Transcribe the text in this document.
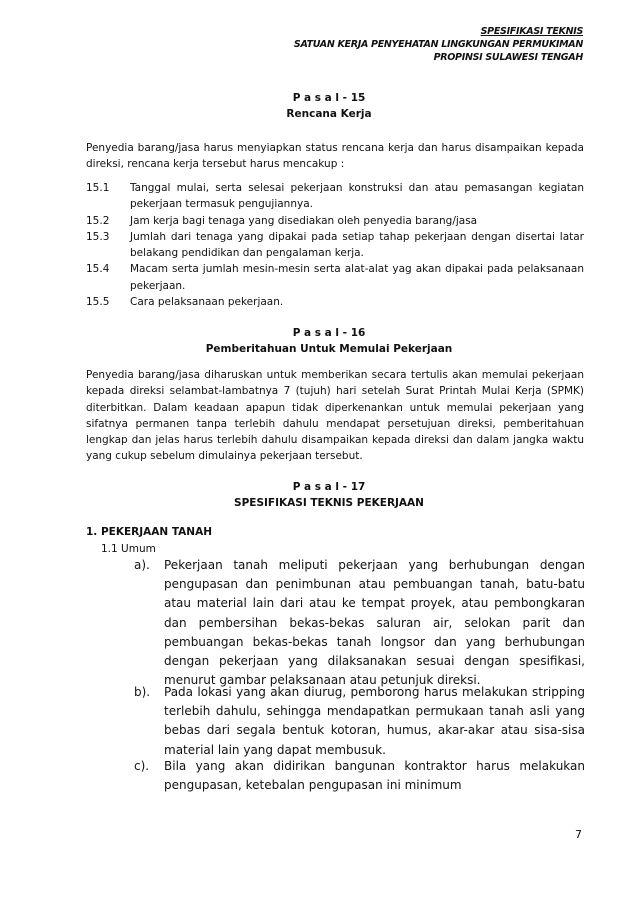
SPESIFIKASI TEKNIS
SATUAN KERJA PENYEHATAN LINGKUNGAN PERMUKIMAN
PROPINSI SULAWESI TENGAH
P a s a l - 15
Rencana Kerja
Penyedia barang/jasa harus menyiapkan status rencana kerja dan harus disampaikan kepada direksi, rencana kerja tersebut harus mencakup :
15.1 Tanggal mulai, serta selesai pekerjaan konstruksi dan atau pemasangan kegiatan pekerjaan termasuk pengujiannya.
15.2 Jam kerja bagi tenaga yang disediakan oleh penyedia barang/jasa
15.3 Jumlah dari tenaga yang dipakai pada setiap tahap pekerjaan dengan disertai latar belakang pendidikan dan pengalaman kerja.
15.4 Macam serta jumlah mesin-mesin serta alat-alat yag akan dipakai pada pelaksanaan pekerjaan.
15.5 Cara pelaksanaan pekerjaan.
P a s a l - 16
Pemberitahuan Untuk Memulai Pekerjaan
Penyedia barang/jasa diharuskan untuk memberikan secara tertulis akan memulai pekerjaan kepada direksi selambat-lambatnya 7 (tujuh) hari setelah Surat Printah Mulai Kerja (SPMK) diterbitkan. Dalam keadaan apapun tidak diperkenankan untuk memulai pekerjaan yang sifatnya permanen tanpa terlebih dahulu mendapat persetujuan direksi, pemberitahuan lengkap dan jelas harus terlebih dahulu disampaikan kepada direksi dan dalam jangka waktu yang cukup sebelum dimulainya pekerjaan tersebut.
P a s a l - 17
SPESIFIKASI TEKNIS PEKERJAAN
1. PEKERJAAN TANAH
1.1 Umum
a). Pekerjaan tanah meliputi pekerjaan yang berhubungan dengan pengupasan dan penimbunan atau pembuangan tanah, batu-batu atau material lain dari atau ke tempat proyek, atau pembongkaran dan pembersihan bekas-bekas saluran air, selokan parit dan pembuangan bekas-bekas tanah longsor dan yang berhubungan dengan pekerjaan yang dilaksanakan sesuai dengan spesifikasi, menurut gambar pelaksanaan atau petunjuk direksi.
b). Pada lokasi yang akan diurug, pemborong harus melakukan stripping terlebih dahulu, sehingga mendapatkan permukaan tanah asli yang bebas dari segala bentuk kotoran, humus, akar-akar atau sisa-sisa material lain yang dapat membusuk.
c). Bila yang akan didirikan bangunan kontraktor harus melakukan pengupasan, ketebalan pengupasan ini minimum
7
